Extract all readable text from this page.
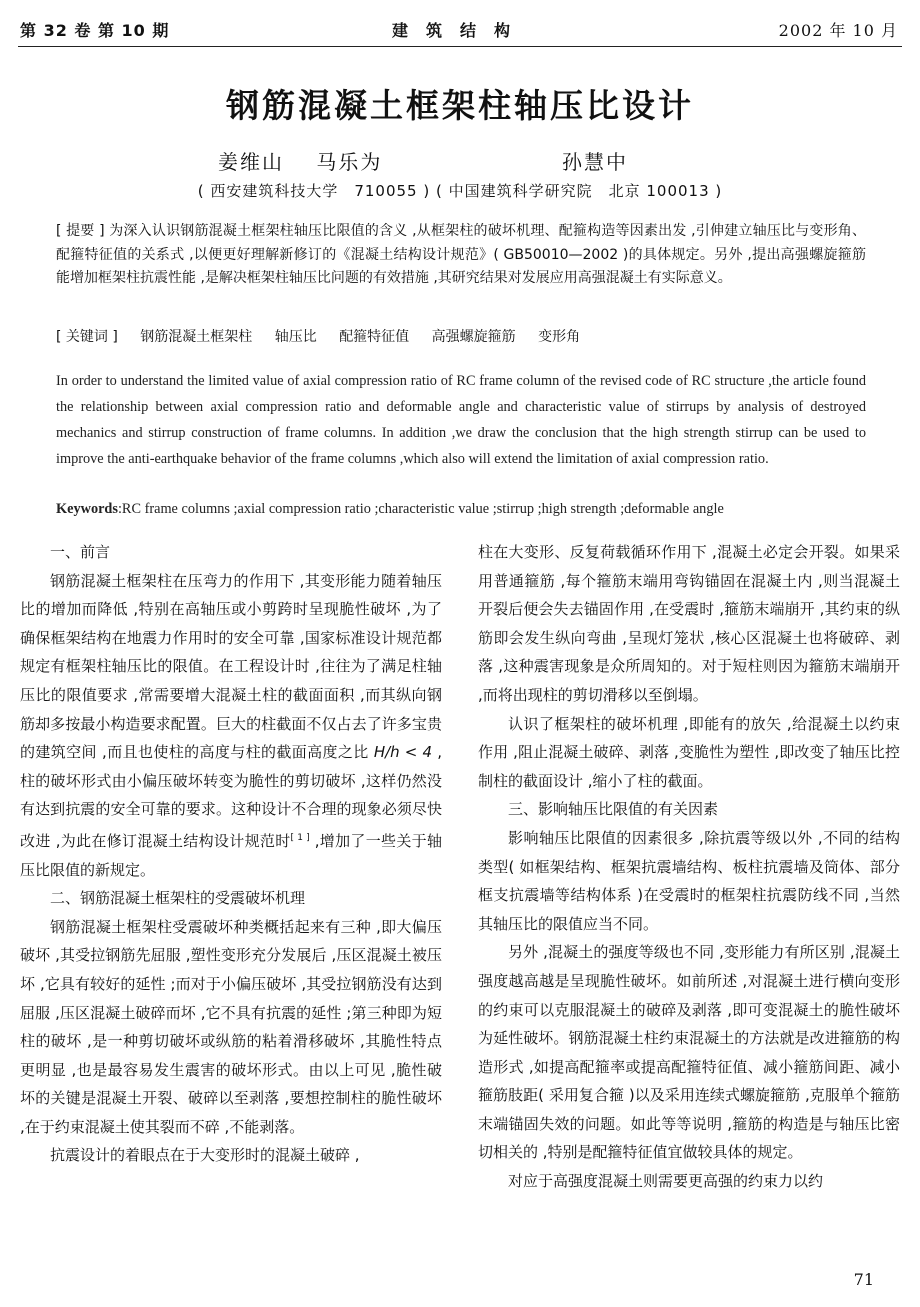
第 32 卷 第 10 期	建筑结构	2002 年 10 月
钢筋混凝土框架柱轴压比设计
姜维山 马乐为	孙慧中
( 西安建筑科技大学　710055 ) ( 中国建筑科学研究院　北京 100013 )
[ 提要 ] 为深入认识钢筋混凝土框架柱轴压比限值的含义 ,从框架柱的破坏机理、配箍构造等因素出发 ,引伸建立轴压比与变形角、配箍特征值的关系式 ,以便更好理解新修订的《混凝土结构设计规范》( GB50010—2002 )的具体规定。另外 ,提出高强螺旋箍筋能增加框架柱抗震性能 ,是解决框架柱轴压比问题的有效措施 ,其研究结果对发展应用高强混凝土有实际意义。
[ 关键词 ] 钢筋混凝土框架柱 轴压比 配箍特征值 高强螺旋箍筋 变形角
In order to understand the limited value of axial compression ratio of RC frame column of the revised code of RC structure ,the article found the relationship between axial compression ratio and deformable angle and characteristic value of stirrups by analysis of destroyed mechanics and stirrup construction of frame columns. In addition ,we draw the conclusion that the high strength stirrup can be used to improve the anti-earthquake behavior of the frame columns ,which also will extend the limitation of axial compression ratio.
Keywords:RC frame columns ;axial compression ratio ;characteristic value ;stirrup ;high strength ;deformable angle
一、前言

钢筋混凝土框架柱在压弯力的作用下 ,其变形能力随着轴压比的增加而降低 ,特别在高轴压或小剪跨时呈现脆性破坏 ,为了确保框架结构在地震力作用时的安全可靠 ,国家标准设计规范都规定有框架柱轴压比的限值。在工程设计时 ,往往为了满足柱轴压比的限值要求 ,常需要增大混凝土柱的截面面积 ,而其纵向钢筋却多按最小构造要求配置。巨大的柱截面不仅占去了许多宝贵的建筑空间 ,而且也使柱的高度与柱的截面高度之比 H/h < 4 ,柱的破坏形式由小偏压破坏转变为脆性的剪切破坏 ,这样仍然没有达到抗震的安全可靠的要求。这种设计不合理的现象必须尽快改进 ,为此在修订混凝土结构设计规范时[ 1 ] ,增加了一些关于轴压比限值的新规定。

二、钢筋混凝土框架柱的受震破坏机理

钢筋混凝土框架柱受震破坏种类概括起来有三种 ,即大偏压破坏 ,其受拉钢筋先屈服 ,塑性变形充分发展后 ,压区混凝土被压坏 ,它具有较好的延性 ;而对于小偏压破坏 ,其受拉钢筋没有达到屈服 ,压区混凝土破碎而坏 ,它不具有抗震的延性 ;第三种即为短柱的破坏 ,是一种剪切破坏或纵筋的粘着滑移破坏 ,其脆性特点更明显 ,也是最容易发生震害的破坏形式。由以上可见 ,脆性破坏的关键是混凝土开裂、破碎以至剥落 ,要想控制柱的脆性破坏 ,在于约束混凝土使其裂而不碎 ,不能剥落。

抗震设计的着眼点在于大变形时的混凝土破碎 ,

柱在大变形、反复荷载循环作用下 ,混凝土必定会开裂。如果采用普通箍筋 ,每个箍筋末端用弯钩锚固在混凝土内 ,则当混凝土开裂后便会失去锚固作用 ,在受震时 ,箍筋末端崩开 ,其约束的纵筋即会发生纵向弯曲 ,呈现灯笼状 ,核心区混凝土也将破碎、剥落 ,这种震害现象是众所周知的。对于短柱则因为箍筋末端崩开 ,而将出现柱的剪切滑移以至倒塌。

认识了框架柱的破坏机理 ,即能有的放矢 ,给混凝土以约束作用 ,阻止混凝土破碎、剥落 ,变脆性为塑性 ,即改变了轴压比控制柱的截面设计 ,缩小了柱的截面。

三、影响轴压比限值的有关因素

影响轴压比限值的因素很多 ,除抗震等级以外 ,不同的结构类型( 如框架结构、框架抗震墙结构、板柱抗震墙及筒体、部分框支抗震墙等结构体系 )在受震时的框架柱抗震防线不同 ,当然其轴压比的限值应当不同。

另外 ,混凝土的强度等级也不同 ,变形能力有所区别 ,混凝土强度越高越是呈现脆性破坏。如前所述 ,对混凝土进行横向变形的约束可以克服混凝土的破碎及剥落 ,即可变混凝土的脆性破坏为延性破坏。钢筋混凝土柱约束混凝土的方法就是改进箍筋的构造形式 ,如提高配箍率或提高配箍特征值、减小箍筋间距、减小箍筋肢距( 采用复合箍 )以及采用连续式螺旋箍筋 ,克服单个箍筋末端锚固失效的问题。如此等等说明 ,箍筋的构造是与轴压比密切相关的 ,特别是配箍特征值宜做较具体的规定。

对应于高强度混凝土则需要更高强的约束力以约

71
